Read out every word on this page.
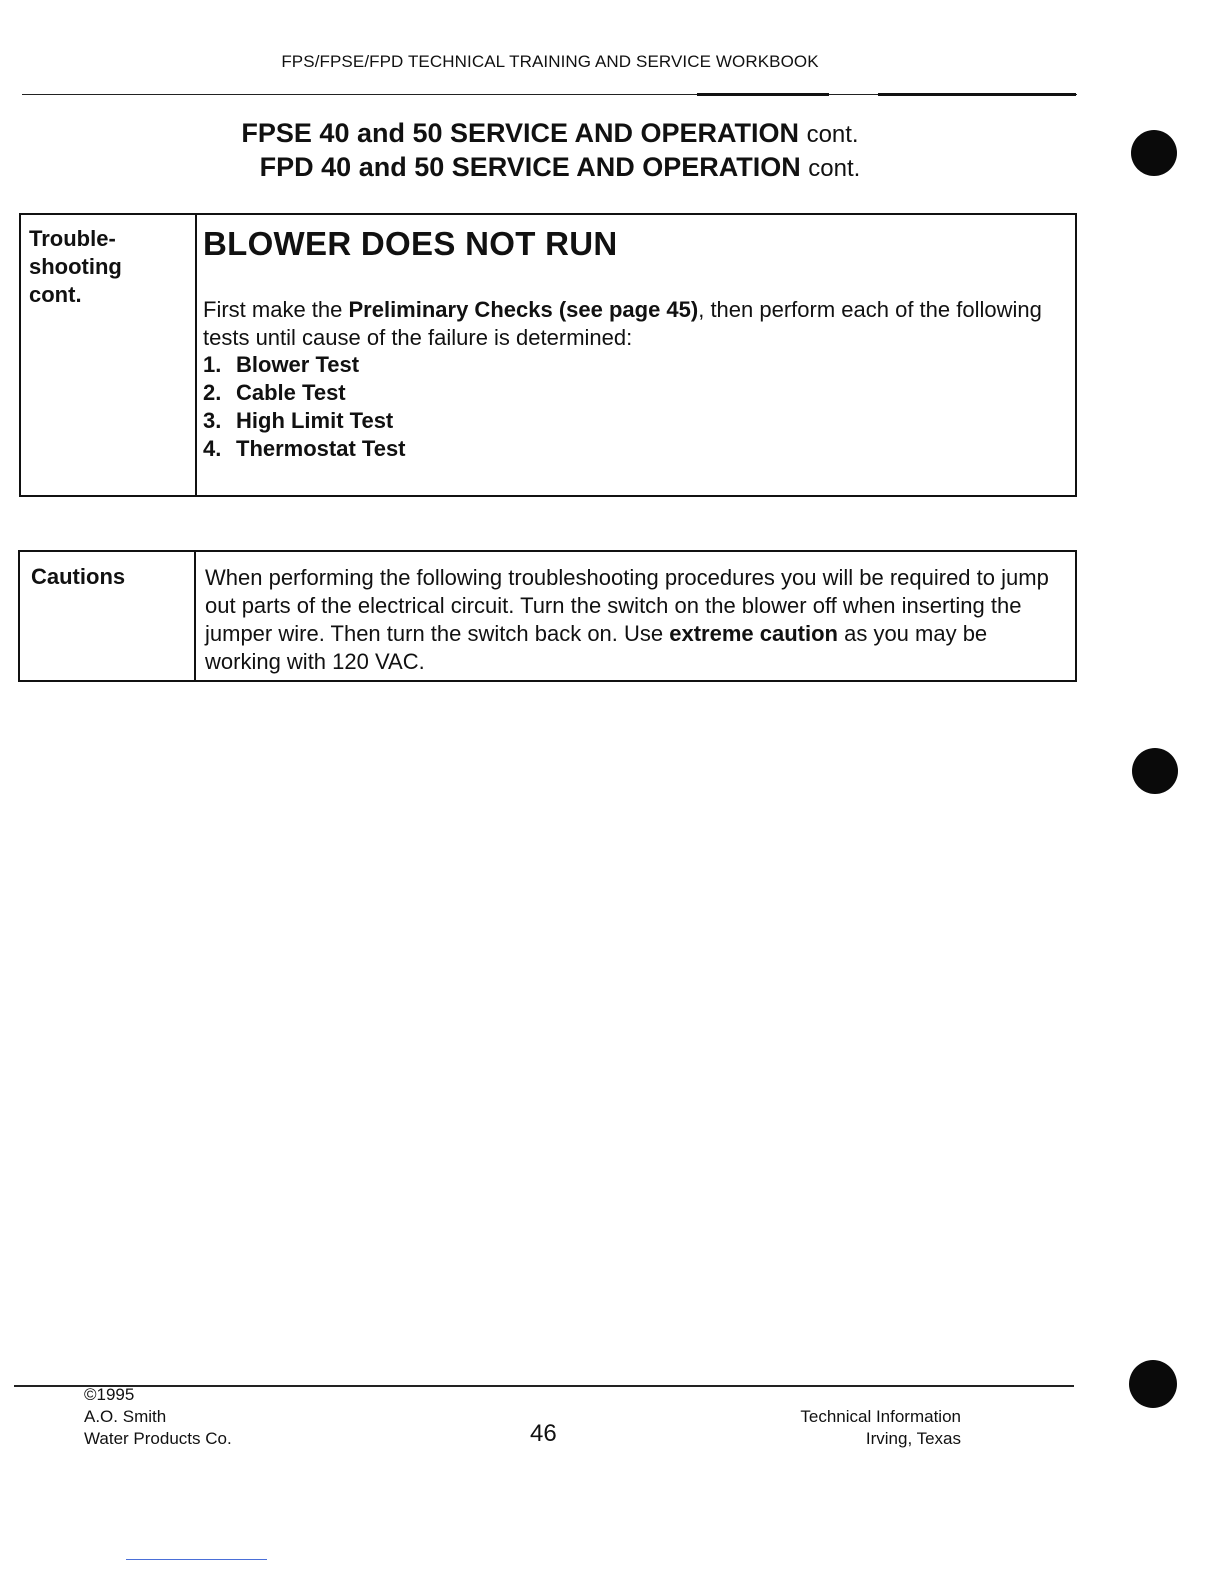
FPS/FPSE/FPD TECHNICAL TRAINING AND SERVICE WORKBOOK
FPSE 40 and 50 SERVICE AND OPERATION cont.
FPD 40 and 50 SERVICE AND OPERATION cont.
Trouble-
shooting
cont.
BLOWER DOES NOT RUN
First make the Preliminary Checks (see page 45), then perform each of the following tests until cause of the failure is determined:
1. Blower Test
2. Cable Test
3. High Limit Test
4. Thermostat Test
Cautions	When performing the following troubleshooting procedures you will be required to jump out parts of the electrical circuit. Turn the switch on the blower off when inserting the jumper wire. Then turn the switch back on. Use extreme caution as you may be working with 120 VAC.
©1995
A.O. Smith
Water Products Co.	46
Technical Information
Irving, Texas
